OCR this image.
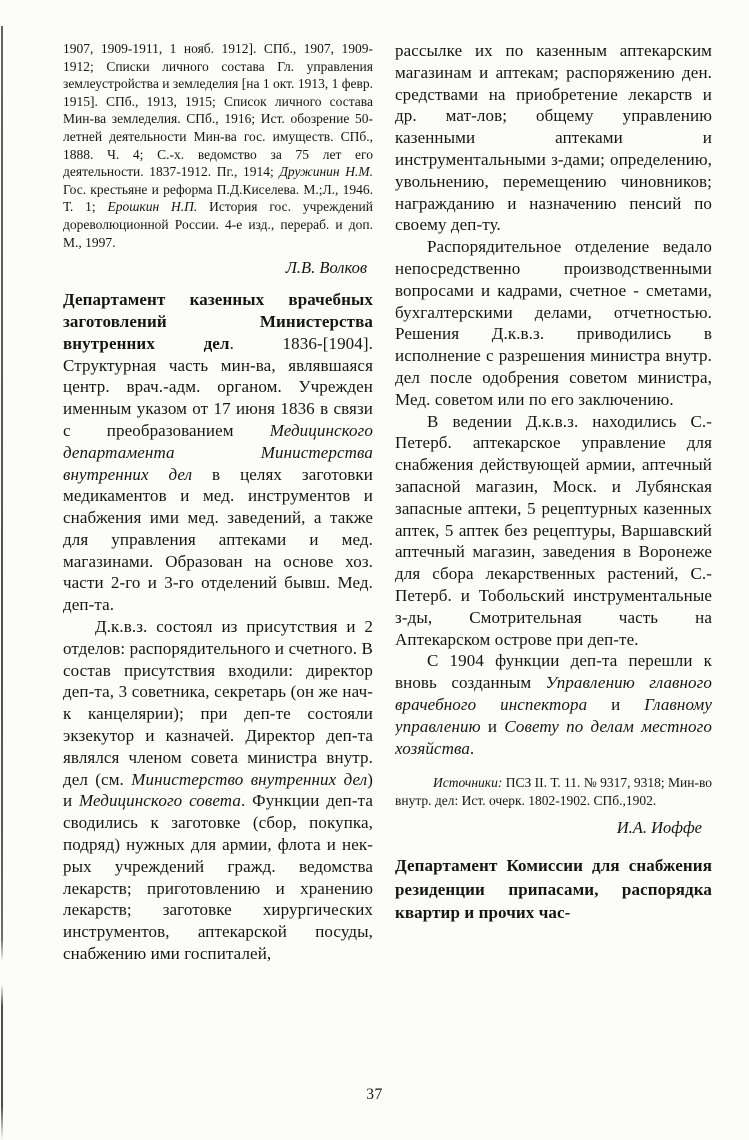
1907, 1909-1911, 1 нояб. 1912]. СПб., 1907, 1909-1912; Списки личного состава Гл. управления землеустройства и земледелия [на 1 окт. 1913, 1 февр. 1915]. СПб., 1913, 1915; Список личного состава Мин-ва земледелия. СПб., 1916; Ист. обозрение 50-летней деятельности Мин-ва гос. имуществ. СПб., 1888. Ч. 4; С.-х. ведомство за 75 лет его деятельности. 1837-1912. Пг., 1914; Дружинин Н.М. Гос. крестьяне и реформа П.Д.Киселева. М.;Л., 1946. Т. 1; Ерошкин Н.П. История гос. учреждений дореволюционной России. 4-е изд., перераб. и доп. М., 1997.

Л.В. Волков

Департамент казенных врачебных заготовлений Министерства внутренних дел. 1836-[1904]. Структурная часть мин-ва, являвшаяся центр. врач.-адм. органом. Учрежден именным указом от 17 июня 1836 в связи с преобразованием Медицинского департамента Министерства внутренних дел в целях заготовки медикаментов и мед. инструментов и снабжения ими мед. заведений, а также для управления аптеками и мед. магазинами. Образован на основе хоз. части 2-го и 3-го отделений бывш. Мед. деп-та.

Д.к.в.з. состоял из присутствия и 2 отделов: распорядительного и счетного. В состав присутствия входили: директор деп-та, 3 советника, секретарь (он же нач-к канцелярии); при деп-те состояли экзекутор и казначей. Директор деп-та являлся членом совета министра внутр. дел (см. Министерство внутренних дел) и Медицинского совета. Функции деп-та сводились к заготовке (сбор, покупка, подряд) нужных для армии, флота и нек-рых учреждений гражд. ведомства лекарств; приготовлению и хранению лекарств; заготовке хирургических инструментов, аптекарской посуды, снабжению ими госпиталей,

рассылке их по казенным аптекарским магазинам и аптекам; распоряжению ден. средствами на приобретение лекарств и др. мат-лов; общему управлению казенными аптеками и инструментальными з-дами; определению, увольнению, перемещению чиновников; награжданию и назначению пенсий по своему деп-ту.

Распорядительное отделение ведало непосредственно производственными вопросами и кадрами, счетное - сметами, бухгалтерскими делами, отчетностью. Решения Д.к.в.з. приводились в исполнение с разрешения министра внутр. дел после одобрения советом министра, Мед. советом или по его заключению.

В ведении Д.к.в.з. находились С.-Петерб. аптекарское управление для снабжения действующей армии, аптечный запасной магазин, Моск. и Лубянская запасные аптеки, 5 рецептурных казенных аптек, 5 аптек без рецептуры, Варшавский аптечный магазин, заведения в Воронеже для сбора лекарственных растений, С.-Петерб. и Тобольский инструментальные з-ды, Смотрительная часть на Аптекарском острове при деп-те.

С 1904 функции деп-та перешли к вновь созданным Управлению главного врачебного инспектора и Главному управлению и Совету по делам местного хозяйства.

Источники: ПСЗ II. Т. 11. № 9317, 9318; Мин-во внутр. дел: Ист. очерк. 1802-1902. СПб.,1902.

И.А. Иоффе

Департамент Комиссии для снабжения резиденции припасами, распорядка квартир и прочих час-

37
